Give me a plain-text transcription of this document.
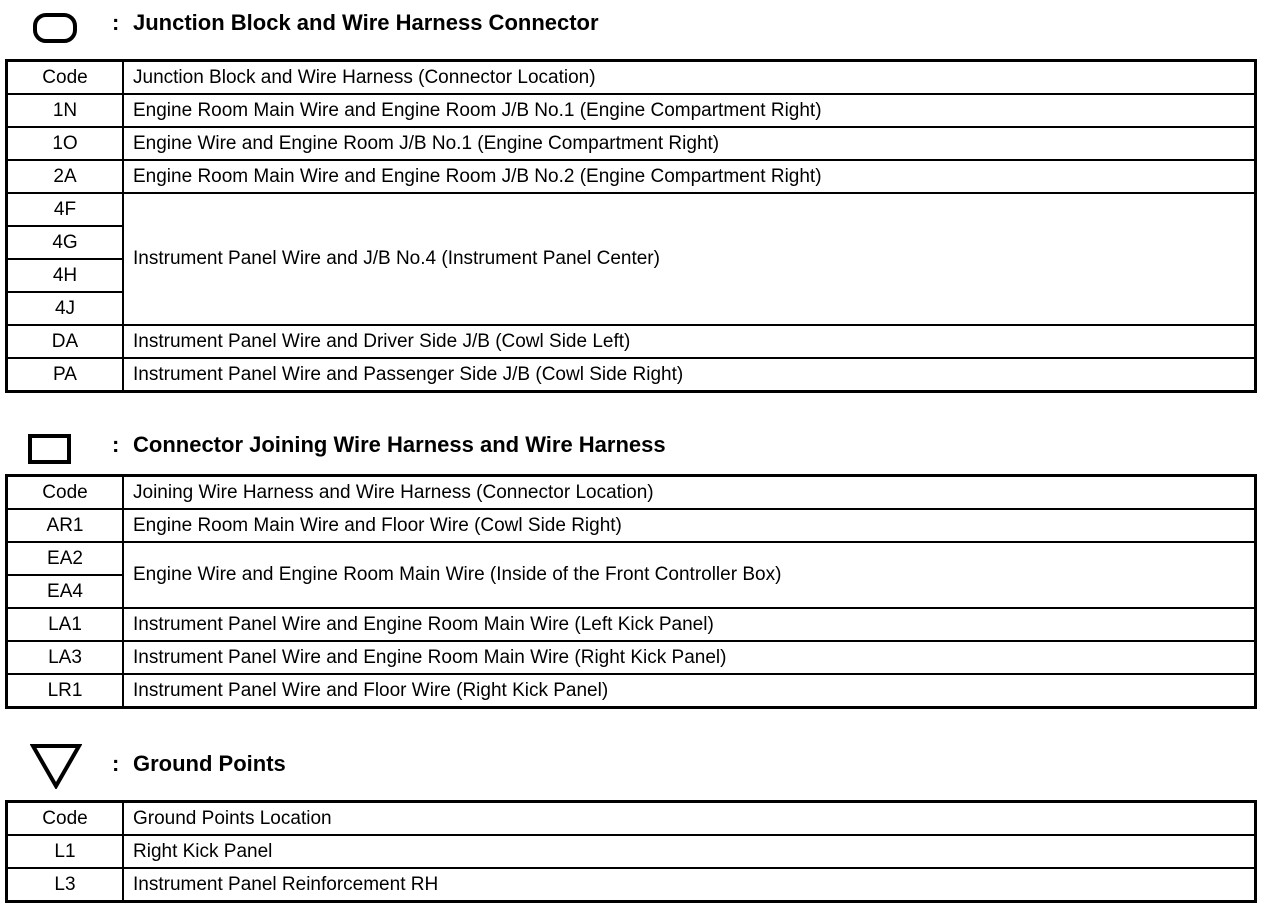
: Junction Block and Wire Harness Connector
Code	Junction Block and Wire Harness (Connector Location)
1N	Engine Room Main Wire and Engine Room J/B No.1 (Engine Compartment Right)
1O	Engine Wire and Engine Room J/B No.1 (Engine Compartment Right)
2A	Engine Room Main Wire and Engine Room J/B No.2 (Engine Compartment Right)
4F	Instrument Panel Wire and J/B No.4 (Instrument Panel Center)
4G	
4H	
4J	
DA	Instrument Panel Wire and Driver Side J/B (Cowl Side Left)
PA	Instrument Panel Wire and Passenger Side J/B (Cowl Side Right)
: Connector Joining Wire Harness and Wire Harness
Code	Joining Wire Harness and Wire Harness (Connector Location)
AR1	Engine Room Main Wire and Floor Wire (Cowl Side Right)
EA2	Engine Wire and Engine Room Main Wire (Inside of the Front Controller Box)
EA4	
LA1	Instrument Panel Wire and Engine Room Main Wire (Left Kick Panel)
LA3	Instrument Panel Wire and Engine Room Main Wire (Right Kick Panel)
LR1	Instrument Panel Wire and Floor Wire (Right Kick Panel)
: Ground Points
Code	Ground Points Location
L1	Right Kick Panel
L3	Instrument Panel Reinforcement RH
